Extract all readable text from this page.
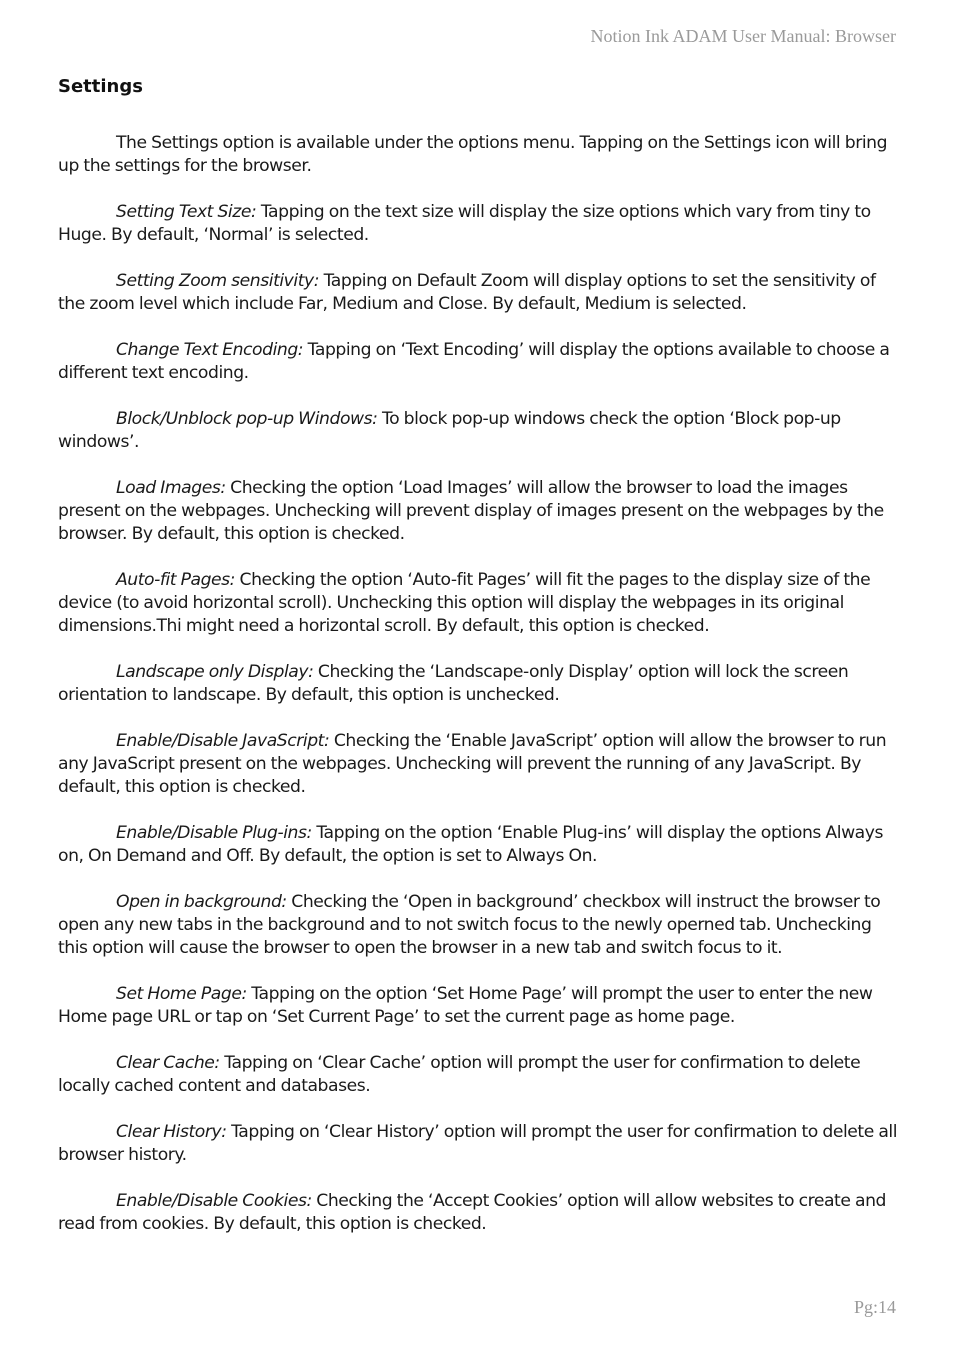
Notion Ink ADAM User Manual: Browser
Settings

The Settings option is available under the options menu. Tapping on the Settings icon will bring up the settings for the browser.

Setting Text Size: Tapping on the text size will display the size options which vary from tiny to Huge. By default, ‘Normal’ is selected.

Setting Zoom sensitivity: Tapping on Default Zoom will display options to set the sensitivity of the zoom level which include Far, Medium and Close. By default, Medium is selected.

Change Text Encoding: Tapping on ‘Text Encoding’ will display the options available to choose a different text encoding.

Block/Unblock pop-up Windows: To block pop-up windows check the option ‘Block pop-up windows’.

Load Images: Checking the option ‘Load Images’ will allow the browser to load the images present on the webpages. Unchecking will prevent display of images present on the webpages by the browser. By default, this option is checked.

Auto-fit Pages: Checking the option ‘Auto-fit Pages’ will fit the pages to the display size of the device (to avoid horizontal scroll). Unchecking this option will display the webpages in its original dimensions.Thi might need a horizontal scroll. By default, this option is checked.

Landscape only Display: Checking the ‘Landscape-only Display’ option will lock the screen orientation to landscape. By default, this option is unchecked.

Enable/Disable JavaScript: Checking the ‘Enable JavaScript’ option will allow the browser to run any JavaScript present on the webpages. Unchecking will prevent the running of any JavaScript. By default, this option is checked.

Enable/Disable Plug-ins: Tapping on the option ‘Enable Plug-ins’ will display the options Always on, On Demand and Off. By default, the option is set to Always On.

Open in background: Checking the ‘Open in background’ checkbox will instruct the browser to open any new tabs in the background and to not switch focus to the newly operned tab. Unchecking this option will cause the browser to open the browser in a new tab and switch focus to it.

Set Home Page: Tapping on the option ‘Set Home Page’ will prompt the user to enter the new Home page URL or tap on ‘Set Current Page’ to set the current page as home page.

Clear Cache: Tapping on ‘Clear Cache’ option will prompt the user for confirmation to delete locally cached content and databases.

Clear History: Tapping on ‘Clear History’ option will prompt the user for confirmation to delete all browser history.

Enable/Disable Cookies: Checking the ‘Accept Cookies’ option will allow websites to create and read from cookies. By default, this option is checked.

Pg:14
